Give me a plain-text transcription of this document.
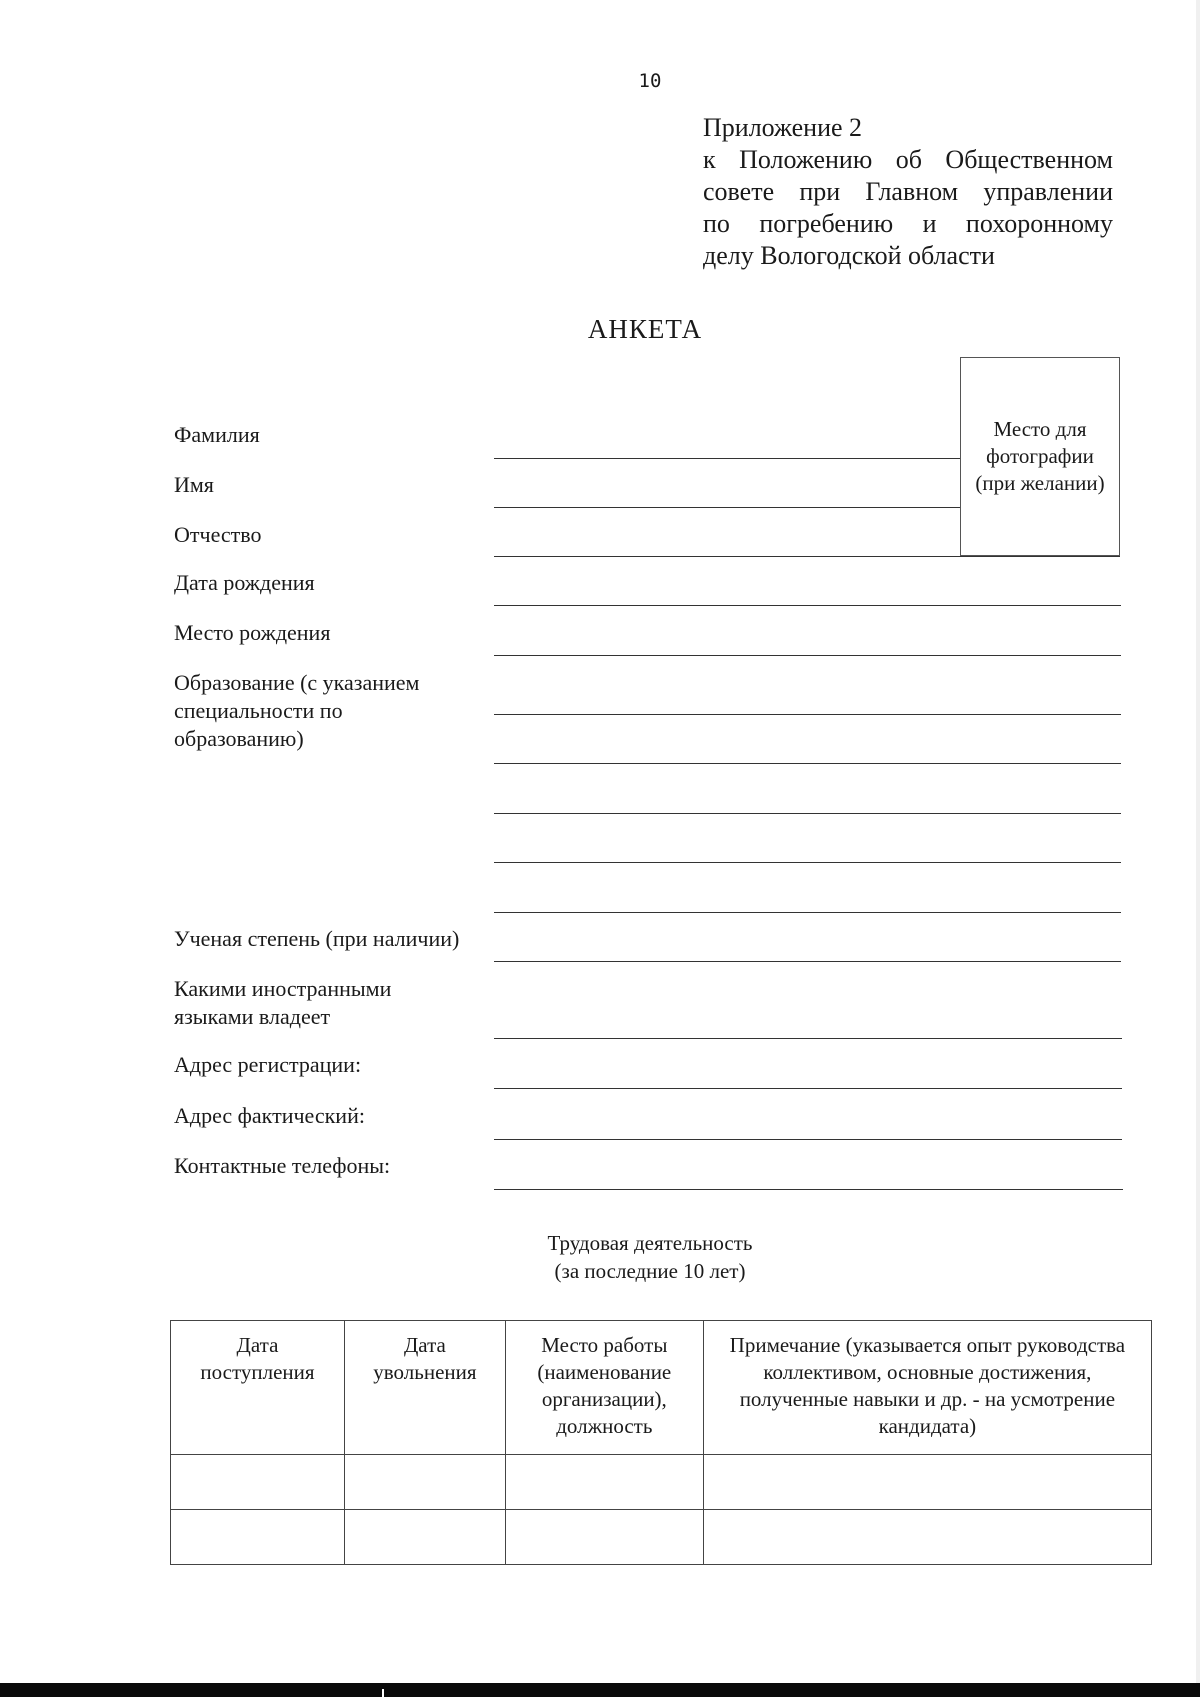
10
Приложение 2
к Положению об Общественном
совете при Главном управлении
по погребению и похоронному
делу Вологодской области
АНКЕТА
Место для фотографии (при желании)
Фамилия
Имя
Отчество
Дата рождения
Место рождения
Образование (с указанием специальности по образованию)
Ученая степень (при наличии)
Какими иностранными языками владеет
Адрес регистрации:
Адрес фактический:
Контактные телефоны:
Трудовая деятельность
(за последние 10 лет)
Дата поступления	Дата увольнения	Место работы (наименование организации), должность	Примечание (указывается опыт руководства коллективом, основные достижения, полученные навыки и др. - на усмотрение кандидата)
